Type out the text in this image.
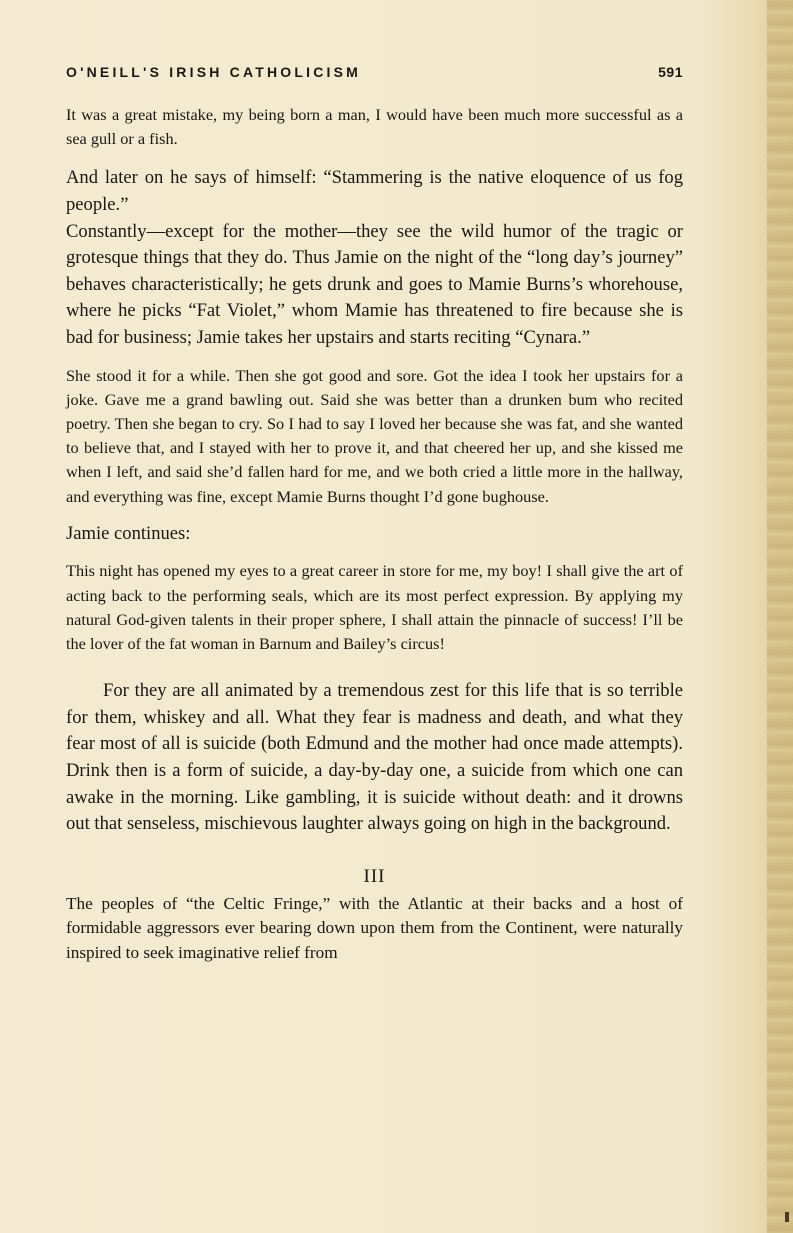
O'NEILL'S IRISH CATHOLICISM	591

It was a great mistake, my being born a man, I would have been much more successful as a sea gull or a fish.

And later on he says of himself: “Stammering is the native eloquence of us fog people.”

Constantly—except for the mother—they see the wild humor of the tragic or grotesque things that they do. Thus Jamie on the night of the “long day’s journey” behaves characteristically; he gets drunk and goes to Mamie Burns’s whorehouse, where he picks “Fat Violet,” whom Mamie has threatened to fire because she is bad for business; Jamie takes her upstairs and starts reciting “Cynara.”

She stood it for a while. Then she got good and sore. Got the idea I took her upstairs for a joke. Gave me a grand bawling out. Said she was better than a drunken bum who recited poetry. Then she began to cry. So I had to say I loved her because she was fat, and she wanted to believe that, and I stayed with her to prove it, and that cheered her up, and she kissed me when I left, and said she’d fallen hard for me, and we both cried a little more in the hallway, and everything was fine, except Mamie Burns thought I’d gone bughouse.

Jamie continues:

This night has opened my eyes to a great career in store for me, my boy! I shall give the art of acting back to the performing seals, which are its most perfect expression. By applying my natural God-given talents in their proper sphere, I shall attain the pinnacle of success! I’ll be the lover of the fat woman in Barnum and Bailey’s circus!

For they are all animated by a tremendous zest for this life that is so terrible for them, whiskey and all. What they fear is madness and death, and what they fear most of all is suicide (both Edmund and the mother had once made attempts). Drink then is a form of suicide, a day-by-day one, a suicide from which one can awake in the morning. Like gambling, it is suicide without death: and it drowns out that senseless, mischievous laughter always going on high in the background.

III

The peoples of “the Celtic Fringe,” with the Atlantic at their backs and a host of formidable aggressors ever bearing down upon them from the Continent, were naturally inspired to seek imaginative relief from
